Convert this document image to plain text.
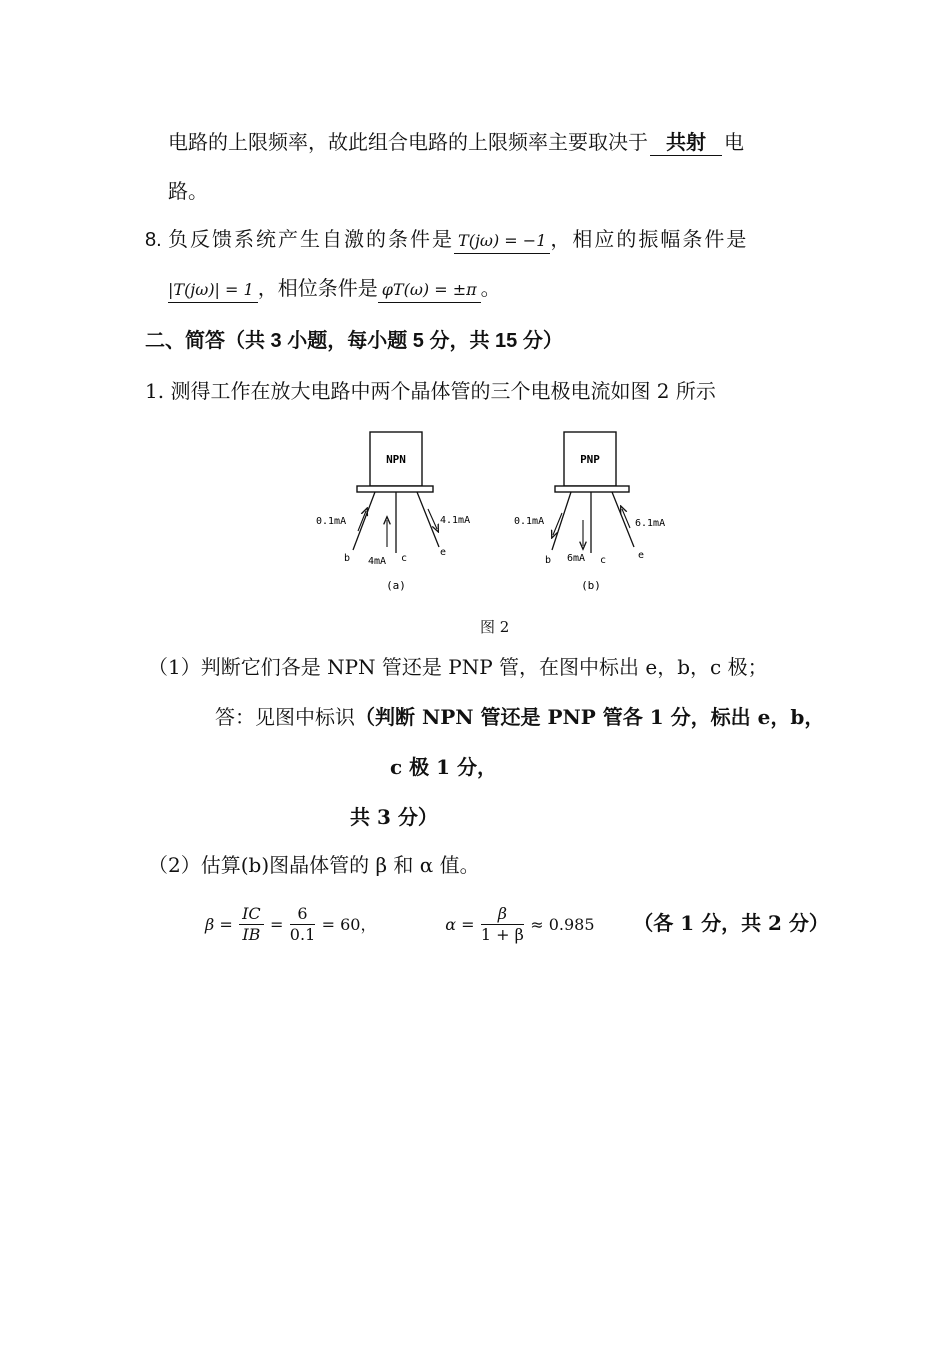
电路的上限频率，故此组合电路的上限频率主要取决于 共射 电
路。
8. 负反馈系统产生自激的条件是 T(jω) = −1 ，相应的振幅条件是
|T(jω)| = 1 ，相位条件是 φT(ω) = ±π 。
二、简答（共 3 小题，每小题 5 分，共 15 分）
1. 测得工作在放大电路中两个晶体管的三个电极电流如图 2 所示
NPN
0.1mA
4mA
4.1mA
b	c
e
(a)
PNP
0.1mA
6mA
6.1mA
b	c	e
(b)
图 2
（1）判断它们各是 NPN 管还是 PNP 管，在图中标出 e，b，c 极；
答：见图中标识（判断 NPN 管还是 PNP 管各 1 分，标出 e，b，
c 极 1 分，
共 3 分）
（2）估算(b)图晶体管的 β 和 α 值。
$\beta = \frac{IC}{IB} = \frac{6}{0.1} = 60$，	$\alpha = \frac{\beta}{1 + \beta} \approx 0.985$ （各 1 分，共 2 分）
